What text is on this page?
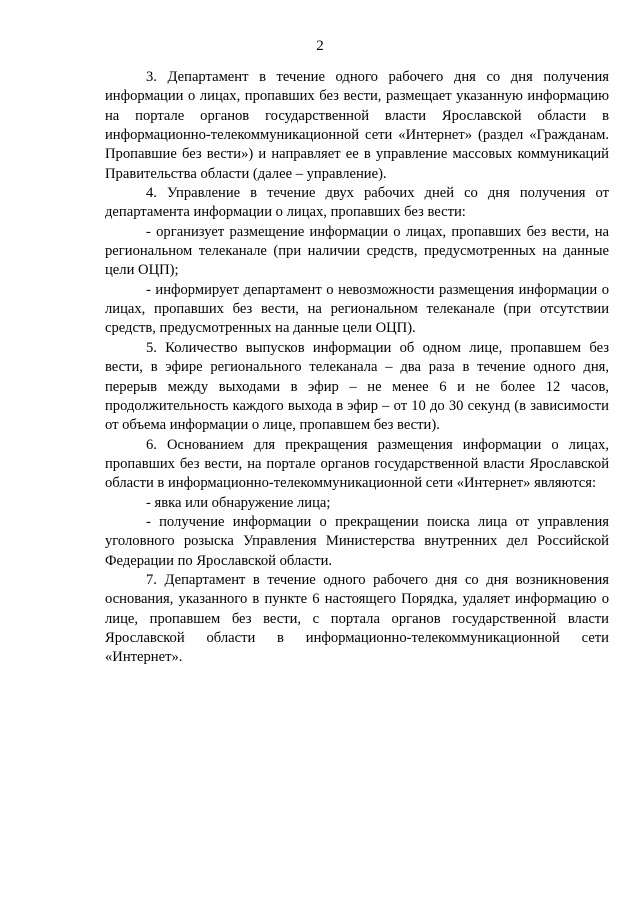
2

3. Департамент в течение одного рабочего дня со дня получения информации о лицах, пропавших без вести, размещает указанную информацию на портале органов государственной власти Ярославской области в информационно-телекоммуникационной сети «Интернет» (раздел «Гражданам. Пропавшие без вести») и направляет ее в управление массовых коммуникаций Правительства области (далее – управление).

4. Управление в течение двух рабочих дней со дня получения от департамента информации о лицах, пропавших без вести:

- организует размещение информации о лицах, пропавших без вести, на региональном телеканале (при наличии средств, предусмотренных на данные цели ОЦП);

- информирует департамент о невозможности размещения информации о лицах, пропавших без вести, на региональном телеканале (при отсутствии средств, предусмотренных на данные цели ОЦП).

5. Количество выпусков информации об одном лице, пропавшем без вести, в эфире регионального телеканала – два раза в течение одного дня, перерыв между выходами в эфир – не менее 6 и не более 12 часов, продолжительность каждого выхода в эфир – от 10 до 30 секунд (в зависимости от объема информации о лице, пропавшем без вести).

6. Основанием для прекращения размещения информации о лицах, пропавших без вести, на портале органов государственной власти Ярославской области в информационно-телекоммуникационной сети «Интернет» являются:

- явка или обнаружение лица;

- получение информации о прекращении поиска лица от управления уголовного розыска Управления Министерства внутренних дел Российской Федерации по Ярославской области.

7. Департамент в течение одного рабочего дня со дня возникновения основания, указанного в пункте 6 настоящего Порядка, удаляет информацию о лице, пропавшем без вести, с портала органов государственной власти Ярославской области в информационно-телекоммуникационной сети «Интернет».
